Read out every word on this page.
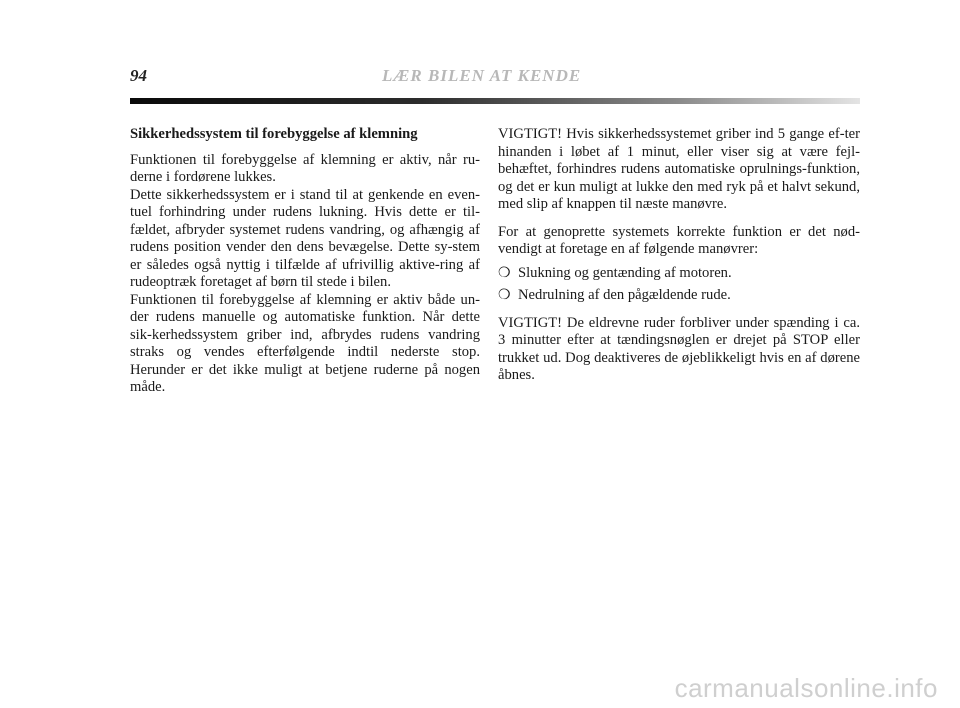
94	LÆR BILEN AT KENDE

Sikkerhedssystem til forebyggelse af klemning

Funktionen til forebyggelse af klemning er aktiv, når ru-derne i fordørene lukkes.

Dette sikkerhedssystem er i stand til at genkende en even-tuel forhindring under rudens lukning. Hvis dette er til-fældet, afbryder systemet rudens vandring, og afhængig af rudens position vender den dens bevægelse. Dette sy-stem er således også nyttig i tilfælde af ufrivillig aktive-ring af rudeoptræk foretaget af børn til stede i bilen.

Funktionen til forebyggelse af klemning er aktiv både un-der rudens manuelle og automatiske funktion. Når dette sik-kerhedssystem griber ind, afbrydes rudens vandring straks og vendes efterfølgende indtil nederste stop. Herunder er det ikke muligt at betjene ruderne på nogen måde.

VIGTIGT! Hvis sikkerhedssystemet griber ind 5 gange ef-ter hinanden i løbet af 1 minut, eller viser sig at være fejl-behæftet, forhindres rudens automatiske oprulnings-funktion, og det er kun muligt at lukke den med ryk på et halvt sekund, med slip af knappen til næste manøvre.

For at genoprette systemets korrekte funktion er det nød-vendigt at foretage en af følgende manøvrer:

❍ Slukning og gentænding af motoren.
❍ Nedrulning af den pågældende rude.

VIGTIGT! De eldrevne ruder forbliver under spænding i ca. 3 minutter efter at tændingsnøglen er drejet på STOP eller trukket ud. Dog deaktiveres de øjeblikkeligt hvis en af dørene åbnes.

carmanualsonline.info
